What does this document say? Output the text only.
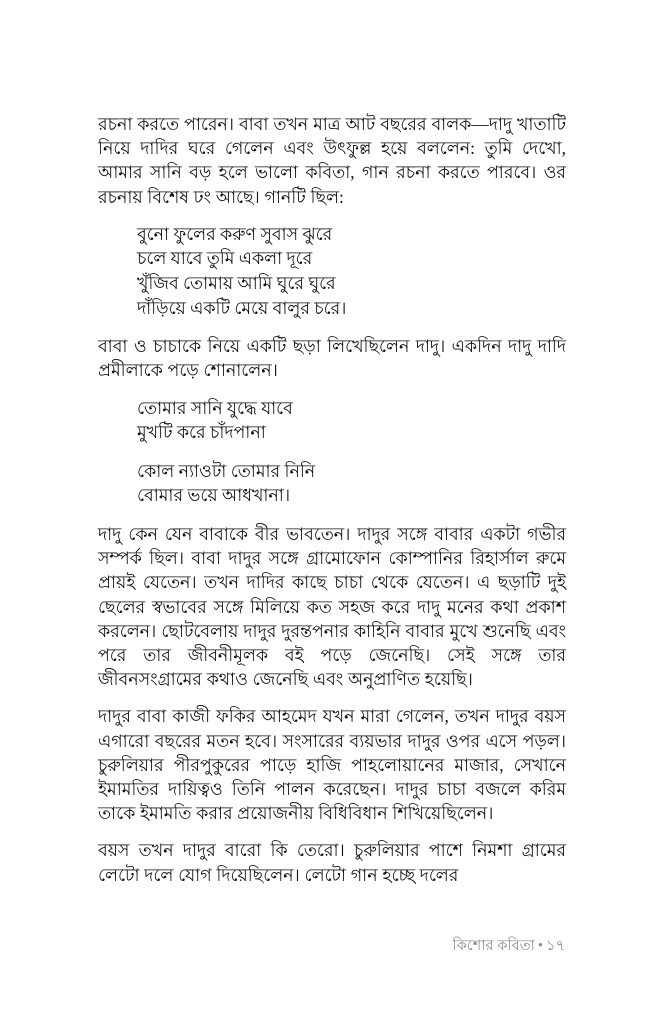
রচনা করতে পারেন। বাবা তখন মাত্র আট বছরের বালক—দাদু খাতাটি নিয়ে দাদির ঘরে গেলেন এবং উৎফুল্ল হয়ে বললেন: তুমি দেখো, আমার সানি বড় হলে ভালো কবিতা, গান রচনা করতে পারবে। ওর রচনায় বিশেষ ঢং আছে। গানটি ছিল:

বুনো ফুলের করুণ সুবাস ঝুরে
চলে যাবে তুমি একলা দূরে
খুঁজিব তোমায় আমি ঘুরে ঘুরে
দাঁড়িয়ে একটি মেয়ে বালুর চরে।

বাবা ও চাচাকে নিয়ে একটি ছড়া লিখেছিলেন দাদু। একদিন দাদু দাদি প্রমীলাকে পড়ে শোনালেন।

তোমার সানি যুদ্ধে যাবে
মুখটি করে চাঁদপানা
কোল ন্যাওটা তোমার নিনি
বোমার ভয়ে আধখানা।

দাদু কেন যেন বাবাকে বীর ভাবতেন। দাদুর সঙ্গে বাবার একটা গভীর সম্পর্ক ছিল। বাবা দাদুর সঙ্গে গ্রামোফোন কোম্পানির রিহার্সাল রুমে প্রায়ই যেতেন। তখন দাদির কাছে চাচা থেকে যেতেন। এ ছড়াটি দুই ছেলের স্বভাবের সঙ্গে মিলিয়ে কত সহজ করে দাদু মনের কথা প্রকাশ করলেন। ছোটবেলায় দাদুর দুরন্তপনার কাহিনি বাবার মুখে শুনেছি এবং পরে তার জীবনীমূলক বই পড়ে জেনেছি। সেই সঙ্গে তার জীবনসংগ্রামের কথাও জেনেছি এবং অনুপ্রাণিত হয়েছি।

দাদুর বাবা কাজী ফকির আহমেদ যখন মারা গেলেন, তখন দাদুর বয়স এগারো বছরের মতন হবে। সংসারের ব্যয়ভার দাদুর ওপর এসে পড়ল। চুরুলিয়ার পীরপুকুরের পাড়ে হাজি পাহলোয়ানের মাজার, সেখানে ইমামতির দায়িত্বও তিনি পালন করেছেন। দাদুর চাচা বজলে করিম তাকে ইমামতি করার প্রয়োজনীয় বিধিবিধান শিখিয়েছিলেন।

বয়স তখন দাদুর বারো কি তেরো। চুরুলিয়ার পাশে নিমশা গ্রামের লেটো দলে যোগ দিয়েছিলেন। লেটো গান হচ্ছে দলের

কিশোর কবিতা • ১৭
